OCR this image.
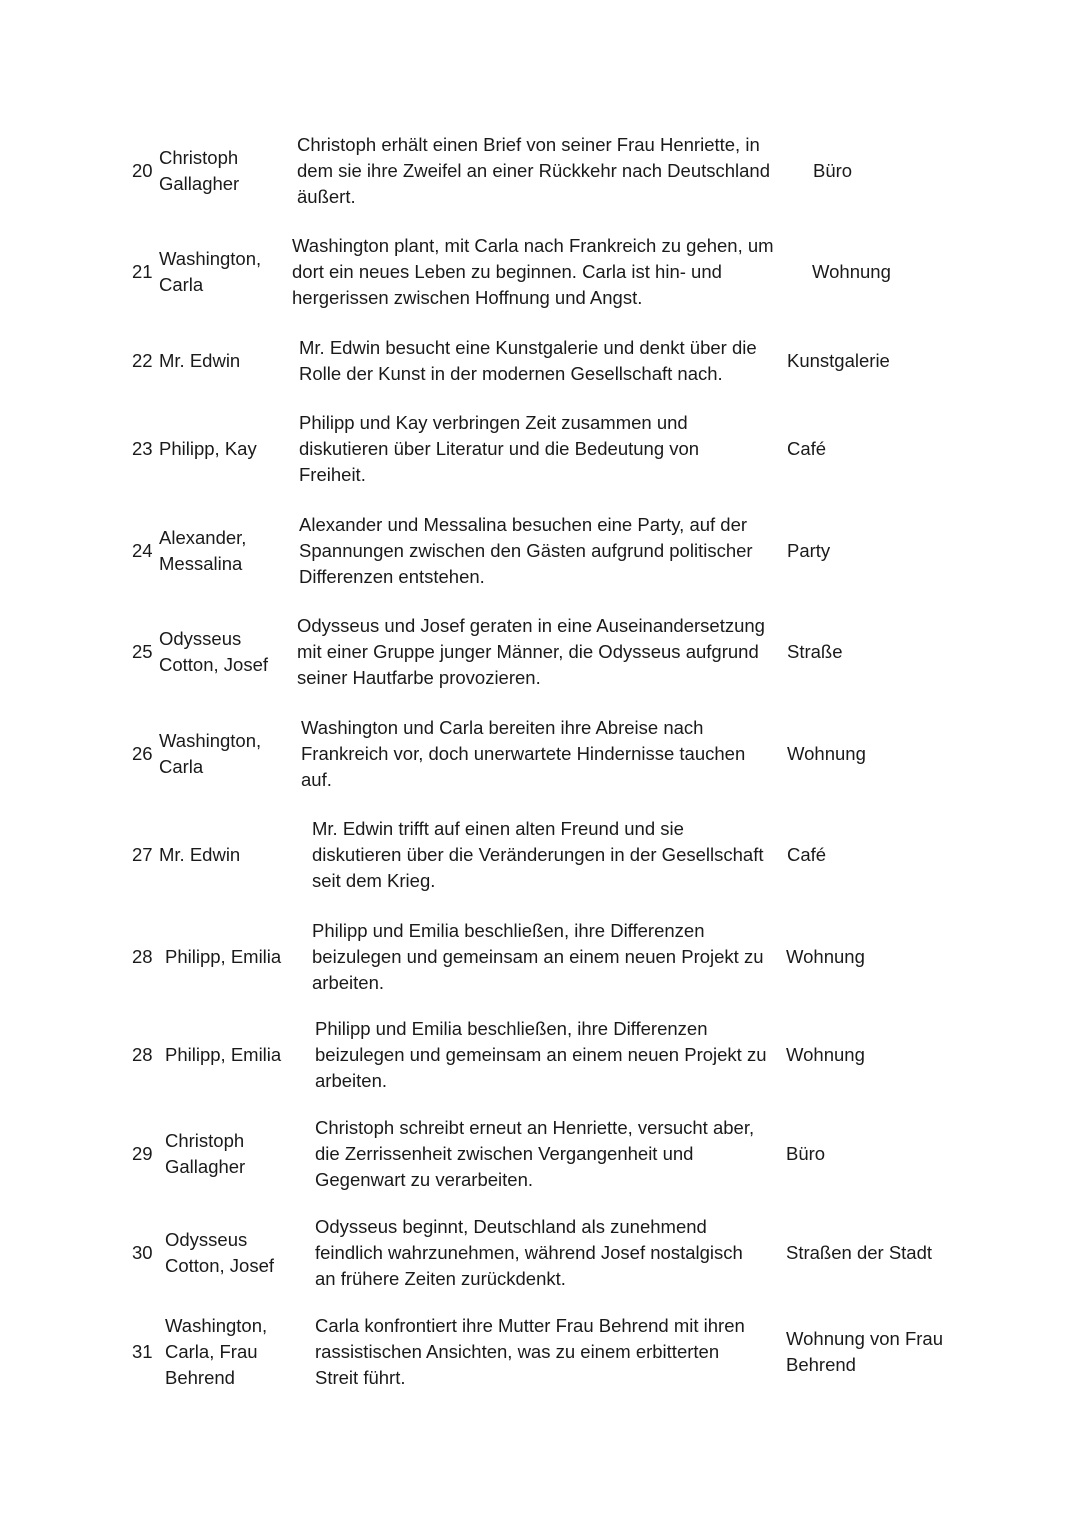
20
Christoph
Gallagher
Christoph erhält einen Brief von seiner Frau Henriette, in
dem sie ihre Zweifel an einer Rückkehr nach Deutschland
äußert.
Büro
21
Washington,
Carla
Washington plant, mit Carla nach Frankreich zu gehen, um
dort ein neues Leben zu beginnen. Carla ist hin- und
hergerissen zwischen Hoffnung und Angst.
Wohnung
22 Mr. Edwin
Mr. Edwin besucht eine Kunstgalerie und denkt über die
Rolle der Kunst in der modernen Gesellschaft nach.
Kunstgalerie
23 Philipp, Kay
Philipp und Kay verbringen Zeit zusammen und
diskutieren über Literatur und die Bedeutung von
Freiheit.
Café
24
Alexander,
Messalina
Alexander und Messalina besuchen eine Party, auf der
Spannungen zwischen den Gästen aufgrund politischer
Differenzen entstehen.
Party
25
Odysseus
Cotton, Josef
Odysseus und Josef geraten in eine Auseinandersetzung
mit einer Gruppe junger Männer, die Odysseus aufgrund
seiner Hautfarbe provozieren.
Straße
26
Washington,
Carla
Washington und Carla bereiten ihre Abreise nach
Frankreich vor, doch unerwartete Hindernisse tauchen
auf.
Wohnung
27 Mr. Edwin
Mr. Edwin trifft auf einen alten Freund und sie
diskutieren über die Veränderungen in der Gesellschaft
seit dem Krieg.
Café
28 Philipp, Emilia
Philipp und Emilia beschließen, ihre Differenzen
beizulegen und gemeinsam an einem neuen Projekt zu
arbeiten.
Wohnung
28 Philipp, Emilia
Philipp und Emilia beschließen, ihre Differenzen
beizulegen und gemeinsam an einem neuen Projekt zu
arbeiten.
Wohnung
29
Christoph
Gallagher
Christoph schreibt erneut an Henriette, versucht aber,
die Zerrissenheit zwischen Vergangenheit und
Gegenwart zu verarbeiten.
Büro
30
Odysseus
Cotton, Josef
Odysseus beginnt, Deutschland als zunehmend
feindlich wahrzunehmen, während Josef nostalgisch
an frühere Zeiten zurückdenkt.
Straßen der Stadt
31
Washington,
Carla, Frau
Behrend
Carla konfrontiert ihre Mutter Frau Behrend mit ihren
rassistischen Ansichten, was zu einem erbitterten
Streit führt.
Wohnung von Frau
Behrend
